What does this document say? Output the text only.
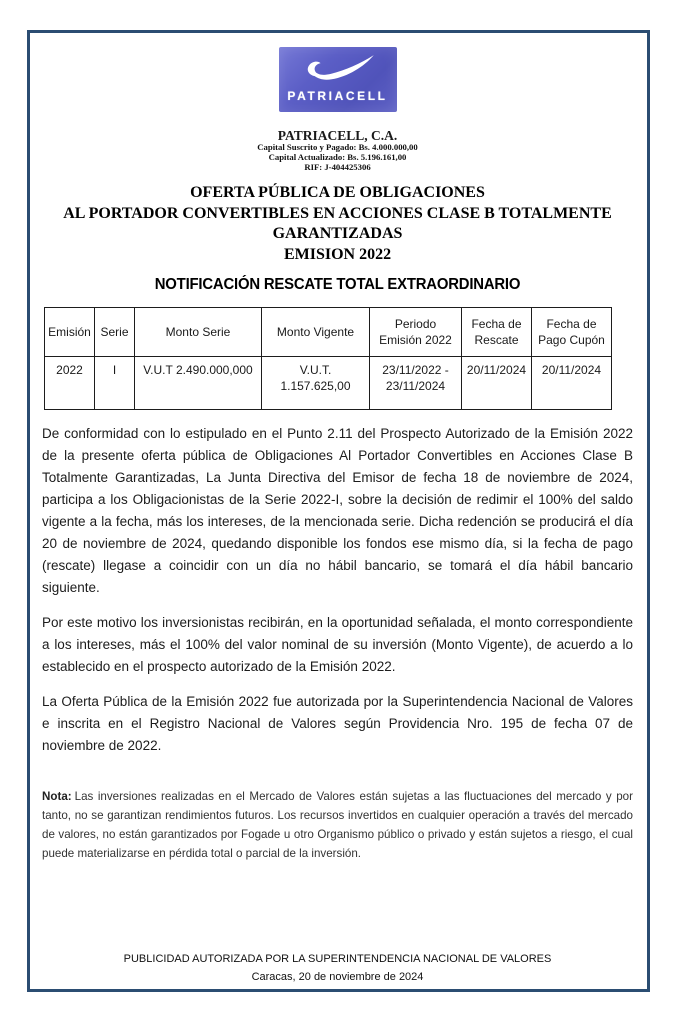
PATRIACELL
PATRIACELL, C.A.
Capital Suscrito y Pagado: Bs. 4.000.000,00
Capital Actualizado: Bs. 5.196.161,00
RIF: J-404425306
OFERTA PÚBLICA DE OBLIGACIONES
AL PORTADOR CONVERTIBLES EN ACCIONES CLASE B TOTALMENTE
GARANTIZADAS
EMISION 2022
NOTIFICACIÓN RESCATE TOTAL EXTRAORDINARIO
Emisión	Serie	Monto Serie	Monto Vigente	Periodo Emisión 2022	Fecha de Rescate	Fecha de Pago Cupón
2022	I	V.U.T 2.490.000,000	V.U.T. 1.157.625,00	23/11/2022 - 23/11/2024	20/11/2024	20/11/2024

De conformidad con lo estipulado en el Punto 2.11 del Prospecto Autorizado de la Emisión 2022 de la presente oferta pública de Obligaciones Al Portador Convertibles en Acciones Clase B Totalmente Garantizadas, La Junta Directiva del Emisor de fecha 18 de noviembre de 2024, participa a los Obligacionistas de la Serie 2022-I, sobre la decisión de redimir el 100% del saldo vigente a la fecha, más los intereses, de la mencionada serie. Dicha redención se producirá el día 20 de noviembre de 2024, quedando disponible los fondos ese mismo día, si la fecha de pago (rescate) llegase a coincidir con un día no hábil bancario, se tomará el día hábil bancario siguiente.

Por este motivo los inversionistas recibirán, en la oportunidad señalada, el monto correspondiente a los intereses, más el 100% del valor nominal de su inversión (Monto Vigente), de acuerdo a lo establecido en el prospecto autorizado de la Emisión 2022.

La Oferta Pública de la Emisión 2022 fue autorizada por la Superintendencia Nacional de Valores e inscrita en el Registro Nacional de Valores según Providencia Nro. 195 de fecha 07 de noviembre de 2022.

Nota: Las inversiones realizadas en el Mercado de Valores están sujetas a las fluctuaciones del mercado y por tanto, no se garantizan rendimientos futuros. Los recursos invertidos en cualquier operación a través del mercado de valores, no están garantizados por Fogade u otro Organismo público o privado y están sujetos a riesgo, el cual puede materializarse en pérdida total o parcial de la inversión.

PUBLICIDAD AUTORIZADA POR LA SUPERINTENDENCIA NACIONAL DE VALORES
Caracas, 20 de noviembre de 2024
